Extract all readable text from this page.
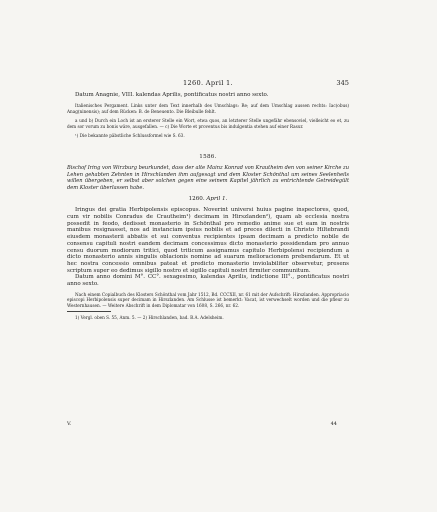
1260. April 1.	345

Datum Anagnie, VIII. kalendas Aprilis, pontificatus nostri anno sexto.

Italienisches Pergament. Links unter dem Text innerhalb des Umschlags: Re; auf dem Umschlag aussen rechts: Iac(obus) Anag(ninensis); auf dem Rücken: B. de Beneuento. Die Bleibulle fehlt.

a und b) Durch ein Loch ist an ersterer Stelle ein Wort, etwa quos, an letzterer Stelle ungefähr ebensoviel, vielleicht eo et, zu dem sor vorum zu bonis wäre, ausgefallen. — c) Die Worte et proventus bis indulgentia stehen auf einer Rasur.

¹) Die bekannte päbstliche Schlussformel wie S. 63.

1586.

Bischof Iring von Wirzburg beurkundet, dass der alte Mainz Konrad von Krautheim den von seiner Kirche zu Lehen gehabten Zehnten in Hirschlanden ihm aufgesagt und dem Kloster Schönthal um seines Seelenheils willen übergeben, er selbst aber solchen gegen eine seinem Kapitel jährlich zu entrichtende Getreidegült dem Kloster überlassen habe.

1260. April 1.

Iringus dei gratia Herbipolensis episcopus. Noverint universi huius pagine inspectores, quod, cum vir nobilis Conradus de Crautheim¹) decimam in Hirszlanden²), quam ab ecclesia nostra possedit in feodo, dedisset monasterio in Schönthal pro remedio anime sue et eam in nostris manibus resignasset, nos ad instanciam ipsius nobilis et ad preces dilecti in Christo Hiltebrandi eiusdem monasterii abbatis et sui conventus recipientes ipsam decimam a predicto nobile de consensu capituli nostri eandem decimam concessimus dicto monasterio possidendam pro annuo censu duorum modiorum tritici, quod triticum assignamus capitulo Herbipolensi recipiendum a dicto monasterio annis singulis oblacionis nomine ad suarum melioracionem prebendarum. Et ut hec nostra concessio omnibus pateat et predicto monasterio inviolabiliter observetur, presens scriptum super eo dedimus sigillo nostro et sigillo capituli nostri firmiter communitum.

Datum anno domini M°. CC°. sexagesimo, kalendas Aprilis, indictione III°., pontificatus nostri anno sexto.

Nach einem Copialbuch des Klosters Schönthal vom Jahr 1512, Bd. CCCXII, nr. 61 mit der Aufschrift: Hirszlanden. Appropriacio episcopi Herbipolensis super decimam in Hirszlanden. Am Schlusse ist bemerkt: Vacat, ist verwechselt worden und die pfleur zu Westernhausen. — Weitere Abschrift in dem Diplomatar von 1608, S. 266, nr. 62.

1) Vergl. oben S. 55, Anm. 5. — 2) Hirschlanden, bad. B.A. Adelsheim.

V.	44
